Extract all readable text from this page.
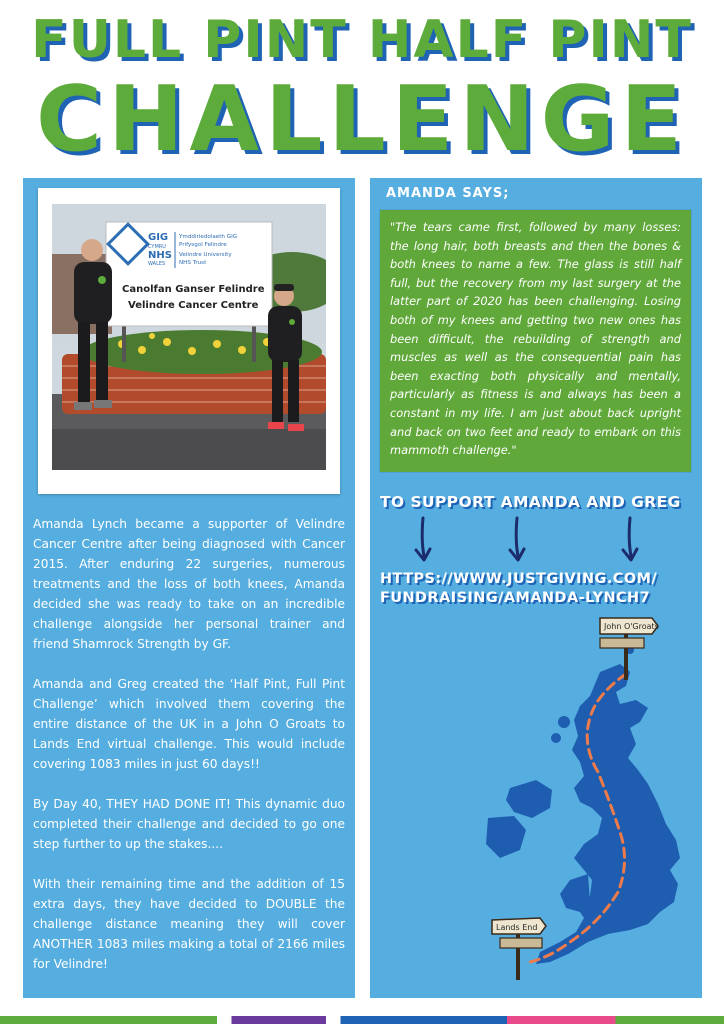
FULL PINT HALF PINT
CHALLENGE
GIG
CYMRU
NHS
WALES
Ymddiriedolaeth GIG
Prifysgol Felindre
Velindre University
NHS Trust
Canolfan Ganser Felindre
Velindre Cancer Centre

Amanda Lynch became a supporter of Velindre Cancer Centre after being diagnosed with Cancer 2015. After enduring 22 surgeries, numerous treatments and the loss of both knees, Amanda decided she was ready to take on an incredible challenge alongside her personal trainer and friend Shamrock Strength by GF.

Amanda and Greg created the ‘Half Pint, Full Pint Challenge’ which involved them covering the entire distance of the UK in a John O Groats to Lands End virtual challenge. This would include covering 1083 miles in just 60 days!!

By Day 40, THEY HAD DONE IT! This dynamic duo completed their challenge and decided to go one step further to up the stakes....

With their remaining time and the addition of 15 extra days, they have decided to DOUBLE the challenge distance meaning they will cover ANOTHER 1083 miles making a total of 2166 miles for Velindre!

AMANDA SAYS;
"The tears came first, followed by many losses: the long hair, both breasts and then the bones & both knees to name a few. The glass is still half full, but the recovery from my last surgery at the latter part of 2020 has been challenging. Losing both of my knees and getting two new ones has been difficult, the rebuilding of strength and muscles as well as the consequential pain has been exacting both physically and mentally, particularly as fitness is and always has been a constant in my life. I am just about back upright and back on two feet and ready to embark on this mammoth challenge."
TO SUPPORT AMANDA AND GREG
HTTPS://WWW.JUSTGIVING.COM/
FUNDRAISING/AMANDA-LYNCH7
John O'Groats
Lands End
